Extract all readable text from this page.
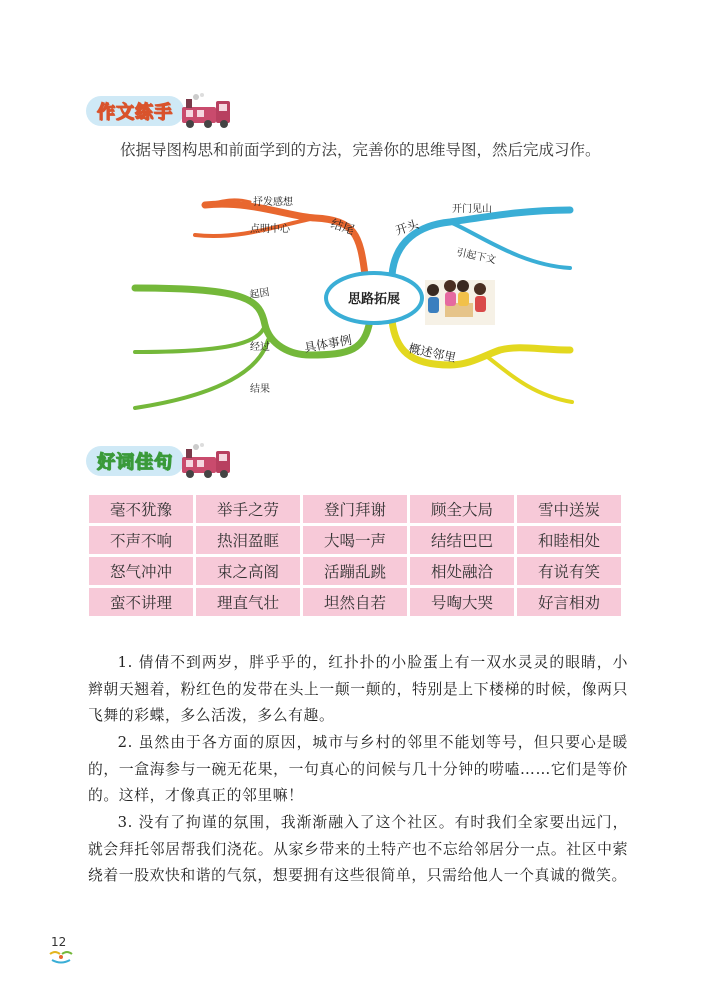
作文练手
依据导图构思和前面学到的方法，完善你的思维导图，然后完成习作。
结尾
抒发感想
点明中心	开头
开门见山
引起下文
具体事例
起因
经过
结果
概述邻里
思路拓展
好词佳句
毫不犹豫	举手之劳	登门拜谢	顾全大局	雪中送炭
不声不响	热泪盈眶	大喝一声	结结巴巴	和睦相处
怒气冲冲	束之高阁	活蹦乱跳	相处融洽	有说有笑
蛮不讲理	理直气壮	坦然自若	号啕大哭	好言相劝

1. 倩倩不到两岁，胖乎乎的，红扑扑的小脸蛋上有一双水灵灵的眼睛，小辫朝天翘着，粉红色的发带在头上一颠一颠的，特别是上下楼梯的时候，像两只飞舞的彩蝶，多么活泼，多么有趣。

2. 虽然由于各方面的原因，城市与乡村的邻里不能划等号，但只要心是暖的，一盒海参与一碗无花果，一句真心的问候与几十分钟的唠嗑……它们是等价的。这样，才像真正的邻里嘛！

3. 没有了拘谨的氛围，我渐渐融入了这个社区。有时我们全家要出远门，就会拜托邻居帮我们浇花。从家乡带来的土特产也不忘给邻居分一点。社区中萦绕着一股欢快和谐的气氛，想要拥有这些很简单，只需给他人一个真诚的微笑。

12
